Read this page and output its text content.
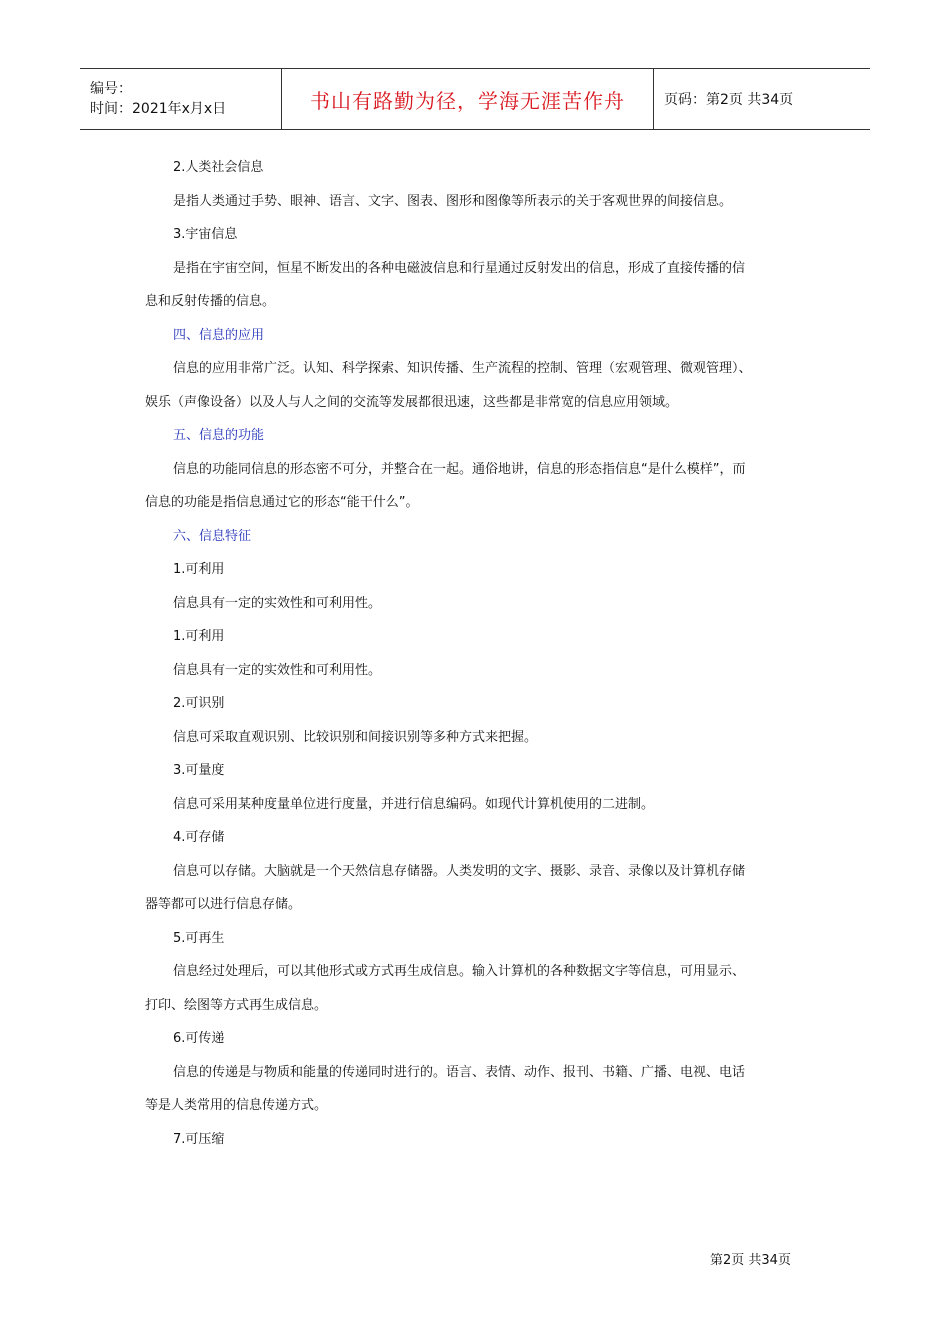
编号：
时间：2021年x月x日	书山有路勤为径，学海无涯苦作舟	页码：第2页 共34页
2.人类社会信息
是指人类通过手势、眼神、语言、文字、图表、图形和图像等所表示的关于客观世界的间接信息。
3.宇宙信息
是指在宇宙空间，恒星不断发出的各种电磁波信息和行星通过反射发出的信息，形成了直接传播的信
息和反射传播的信息。
四、信息的应用
信息的应用非常广泛。认知、科学探索、知识传播、生产流程的控制、管理（宏观管理、微观管理）、
娱乐（声像设备）以及人与人之间的交流等发展都很迅速，这些都是非常宽的信息应用领域。
五、信息的功能
信息的功能同信息的形态密不可分，并整合在一起。通俗地讲，信息的形态指信息“是什么模样”，而
信息的功能是指信息通过它的形态“能干什么”。
六、信息特征
1.可利用
信息具有一定的实效性和可利用性。
1.可利用
信息具有一定的实效性和可利用性。
2.可识别
信息可采取直观识别、比较识别和间接识别等多种方式来把握。
3.可量度
信息可采用某种度量单位进行度量，并进行信息编码。如现代计算机使用的二进制。
4.可存储
信息可以存储。大脑就是一个天然信息存储器。人类发明的文字、摄影、录音、录像以及计算机存储
器等都可以进行信息存储。
5.可再生
信息经过处理后，可以其他形式或方式再生成信息。输入计算机的各种数据文字等信息，可用显示、
打印、绘图等方式再生成信息。
6.可传递
信息的传递是与物质和能量的传递同时进行的。语言、表情、动作、报刊、书籍、广播、电视、电话
等是人类常用的信息传递方式。
7.可压缩
第2页 共34页
